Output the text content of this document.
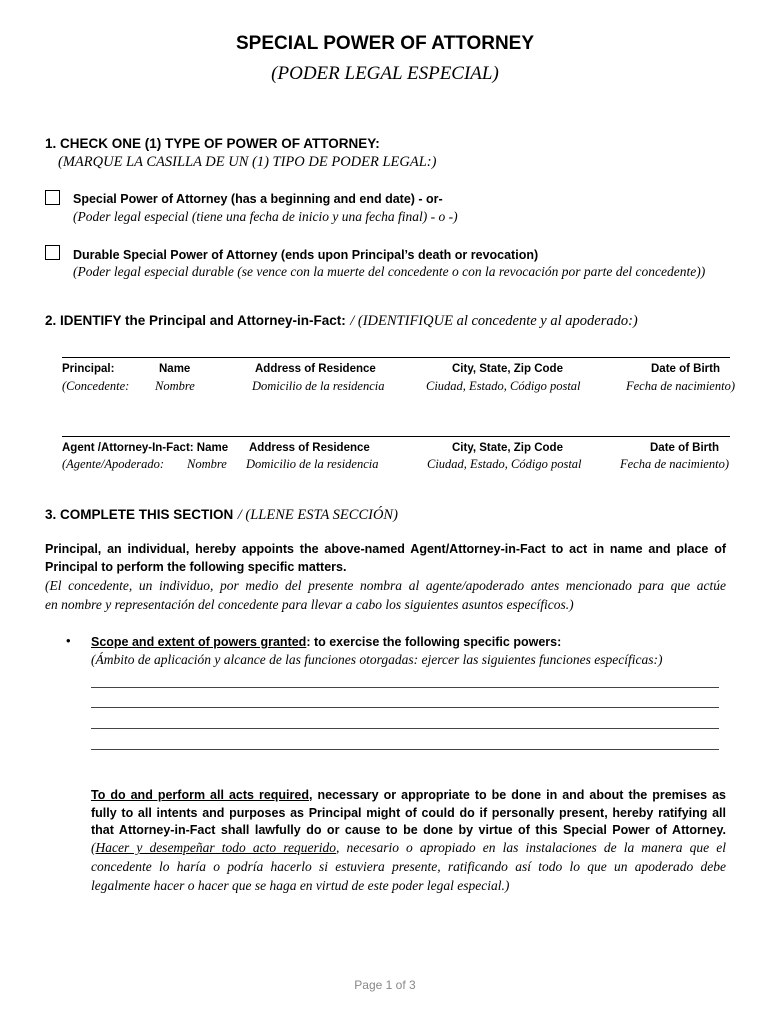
SPECIAL POWER OF ATTORNEY
(PODER LEGAL ESPECIAL)
1. CHECK ONE (1) TYPE OF POWER OF ATTORNEY:
(MARQUE LA CASILLA DE UN (1) TIPO DE PODER LEGAL:)
Special Power of Attorney (has a beginning and end date) - or-
(Poder legal especial (tiene una fecha de inicio y una fecha final) - o -)
Durable Special Power of Attorney (ends upon Principal’s death or revocation)
(Poder legal especial durable (se vence con la muerte del concedente o con la revocación por parte del concedente))
2. IDENTIFY the Principal and Attorney-in-Fact: / (IDENTIFIQUE al concedente y al apoderado:)
Principal:	Name	Address of Residence	City, State, Zip Code	Date of Birth
(Concedente: Nombre	Domicilio de la residencia	Ciudad, Estado, Código postal	Fecha de nacimiento)
Agent /Attorney-In-Fact: Name Address of Residence	City, State, Zip Code	Date of Birth
(Agente/Apoderado: Nombre Domicilio de la residencia	Ciudad, Estado, Código postal	Fecha de nacimiento)
3. COMPLETE THIS SECTION / (LLENE ESTA SECCIÓN)
Principal, an individual, hereby appoints the above-named Agent/Attorney-in-Fact to act in name and place of
Principal to perform the following specific matters.
(El concedente, un individuo, por medio del presente nombra al agente/apoderado antes mencionado para que actúe
en nombre y representación del concedente para llevar a cabo los siguientes asuntos específicos.)
• Scope and extent of powers granted: to exercise the following specific powers:
(Ámbito de aplicación y alcance de las funciones otorgadas: ejercer las siguientes funciones específicas:)
To do and perform all acts required, necessary or appropriate to be done in and about the premises as
fully to all intents and purposes as Principal might of could do if personally present, hereby ratifying all
that Attorney-in-Fact shall lawfully do or cause to be done by virtue of this Special Power of Attorney.
(Hacer y desempeñar todo acto requerido, necesario o apropiado en las instalaciones de la manera que el
concedente lo haría o podría hacerlo si estuviera presente, ratificando así todo lo que un apoderado debe
legalmente hacer o hacer que se haga en virtud de este poder legal especial.)
Page 1 of 3
